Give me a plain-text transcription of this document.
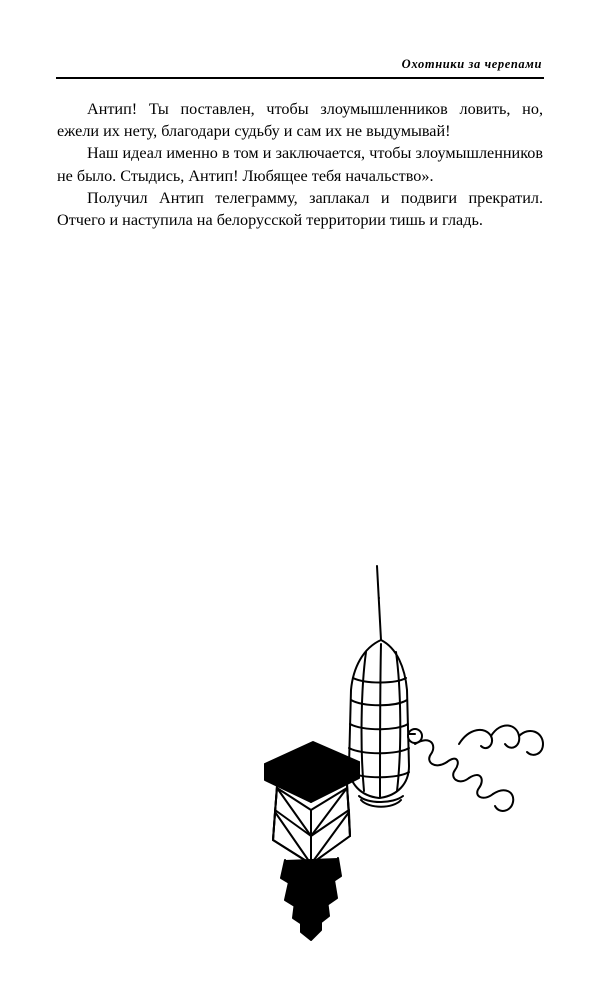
Охотники за черепами

Антип! Ты поставлен, чтобы злоумышленников ловить, но, ежели их нету, благодари судьбу и сам их не выдумывай!

Наш идеал именно в том и заключается, чтобы злоумышленников не было. Стыдись, Антип! Любящее тебя начальство».

Получил Антип телеграмму, заплакал и подвиги прекратил. Отчего и наступила на белорусской территории тишь и гладь.
